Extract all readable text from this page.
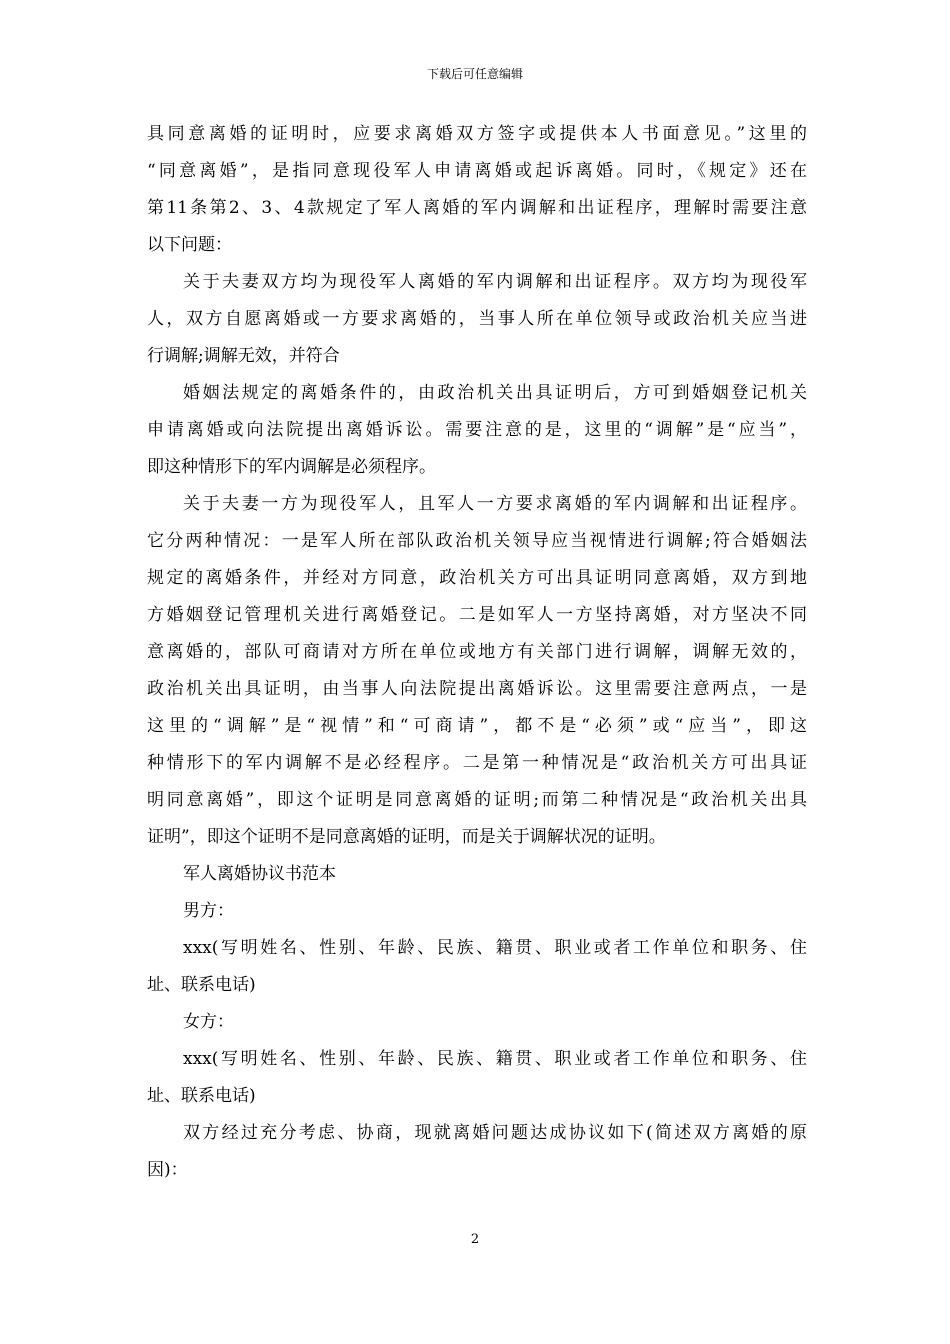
下载后可任意编辑
具同意离婚的证明时，应要求离婚双方签字或提供本人书面意见。”这里的
“同意离婚”，是指同意现役军人申请离婚或起诉离婚。同时，《规定》还在
第11条第2、3、4款规定了军人离婚的军内调解和出证程序，理解时需要注意
以下问题：
关于夫妻双方均为现役军人离婚的军内调解和出证程序。双方均为现役军
人，双方自愿离婚或一方要求离婚的，当事人所在单位领导或政治机关应当进
行调解;调解无效，并符合
婚姻法规定的离婚条件的，由政治机关出具证明后，方可到婚姻登记机关
申请离婚或向法院提出离婚诉讼。需要注意的是，这里的“调解”是“应当”，
即这种情形下的军内调解是必须程序。
关于夫妻一方为现役军人，且军人一方要求离婚的军内调解和出证程序。
它分两种情况：一是军人所在部队政治机关领导应当视情进行调解;符合婚姻法
规定的离婚条件，并经对方同意，政治机关方可出具证明同意离婚，双方到地
方婚姻登记管理机关进行离婚登记。二是如军人一方坚持离婚，对方坚决不同
意离婚的，部队可商请对方所在单位或地方有关部门进行调解，调解无效的，
政治机关出具证明，由当事人向法院提出离婚诉讼。这里需要注意两点，一是
这里的“调解”是“视情”和“可商请”，都不是“必须”或“应当”，即这
种情形下的军内调解不是必经程序。二是第一种情况是“政治机关方可出具证
明同意离婚”，即这个证明是同意离婚的证明;而第二种情况是“政治机关出具
证明”，即这个证明不是同意离婚的证明，而是关于调解状况的证明。
军人离婚协议书范本
男方：
xxx(写明姓名、性别、年龄、民族、籍贯、职业或者工作单位和职务、住
址、联系电话)
女方：
xxx(写明姓名、性别、年龄、民族、籍贯、职业或者工作单位和职务、住
址、联系电话)
双方经过充分考虑、协商，现就离婚问题达成协议如下(简述双方离婚的原
因)：
2
